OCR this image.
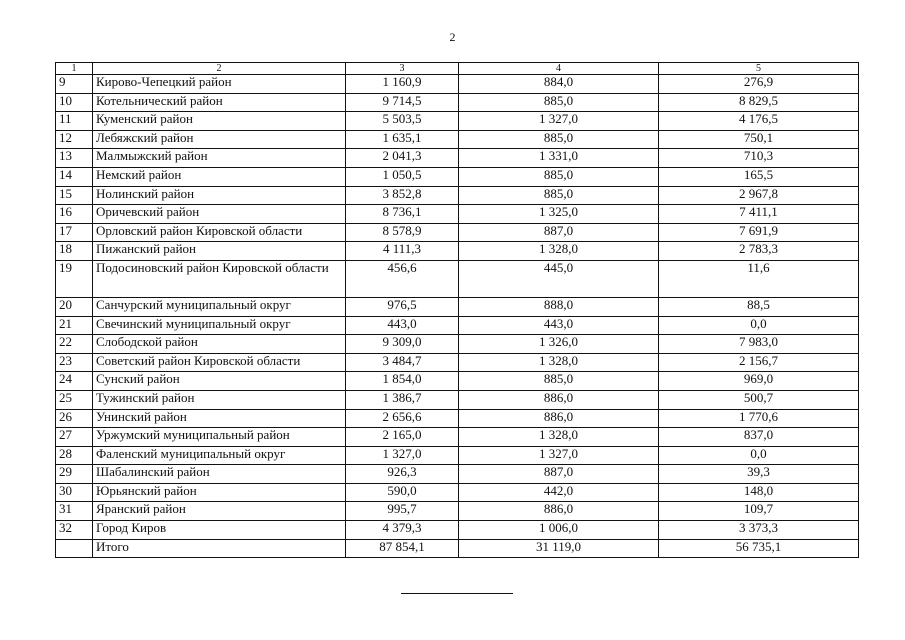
2
1	2	3	4	5
9	Кирово-Чепецкий район	1 160,9	884,0	276,9
10	Котельнический район	9 714,5	885,0	8 829,5
11	Куменский район	5 503,5	1 327,0	4 176,5
12	Лебяжский район	1 635,1	885,0	750,1
13	Малмыжский район	2 041,3	1 331,0	710,3
14	Немский район	1 050,5	885,0	165,5
15	Нолинский район	3 852,8	885,0	2 967,8
16	Оричевский район	8 736,1	1 325,0	7 411,1
17	Орловский район Кировской области	8 578,9	887,0	7 691,9
18	Пижанский район	4 111,3	1 328,0	2 783,3
19	Подосиновский район Кировской области	456,6	445,0	11,6
20	Санчурский муниципальный округ	976,5	888,0	88,5
21	Свечинский муниципальный округ	443,0	443,0	0,0
22	Слободской район	9 309,0	1 326,0	7 983,0
23	Советский район Кировской области	3 484,7	1 328,0	2 156,7
24	Сунский район	1 854,0	885,0	969,0
25	Тужинский район	1 386,7	886,0	500,7
26	Унинский район	2 656,6	886,0	1 770,6
27	Уржумский муниципальный район	2 165,0	1 328,0	837,0
28	Фаленский муниципальный округ	1 327,0	1 327,0	0,0
29	Шабалинский район	926,3	887,0	39,3
30	Юрьянский район	590,0	442,0	148,0
31	Яранский район	995,7	886,0	109,7
32	Город Киров	4 379,3	1 006,0	3 373,3
	Итого	87 854,1	31 119,0	56 735,1
